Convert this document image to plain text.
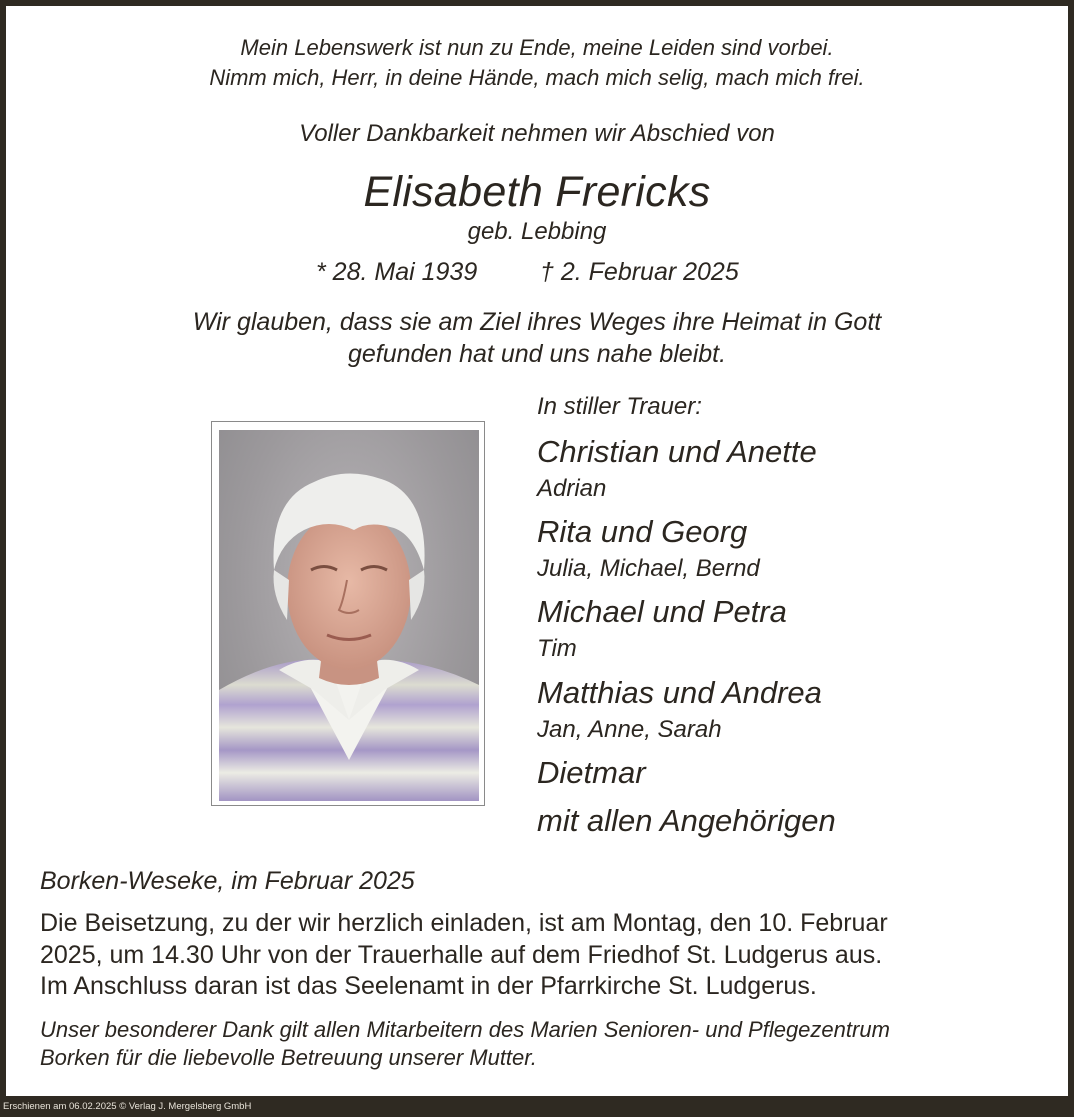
Mein Lebenswerk ist nun zu Ende, meine Leiden sind vorbei.
Nimm mich, Herr, in deine Hände, mach mich selig, mach mich frei.
Voller Dankbarkeit nehmen wir Abschied von
Elisabeth Frericks
geb. Lebbing
* 28. Mai 1939	† 2. Februar 2025
Wir glauben, dass sie am Ziel ihres Weges ihre Heimat in Gott
gefunden hat und uns nahe bleibt.
In stiller Trauer:
Christian und Anette
Adrian
Rita und Georg
Julia, Michael, Bernd
Michael und Petra
Tim
Matthias und Andrea
Jan, Anne, Sarah
Dietmar
mit allen Angehörigen
Borken-Weseke, im Februar 2025
Die Beisetzung, zu der wir herzlich einladen, ist am Montag, den 10. Februar
2025, um 14.30 Uhr von der Trauerhalle auf dem Friedhof St. Ludgerus aus.
Im Anschluss daran ist das Seelenamt in der Pfarrkirche St. Ludgerus.
Unser besonderer Dank gilt allen Mitarbeitern des Marien Senioren- und Pflegezentrum
Borken für die liebevolle Betreuung unserer Mutter.
Erschienen am 06.02.2025 © Verlag J. Mergelsberg GmbH
